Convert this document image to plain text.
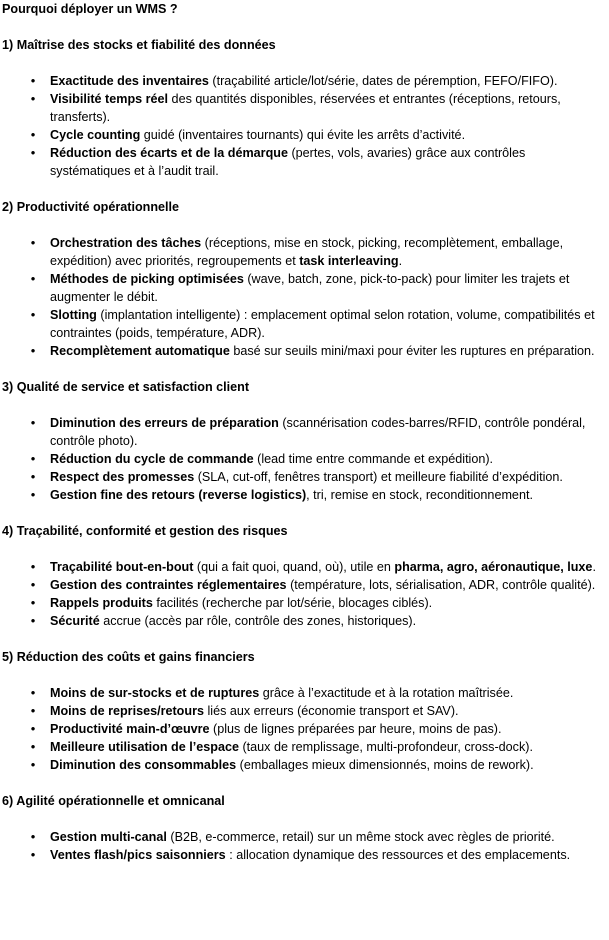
Pourquoi déployer un WMS ?
1) Maîtrise des stocks et fiabilité des données
• Exactitude des inventaires (traçabilité article/lot/série, dates de péremption, FEFO/FIFO).
• Visibilité temps réel des quantités disponibles, réservées et entrantes (réceptions, retours, transferts).
• Cycle counting guidé (inventaires tournants) qui évite les arrêts d’activité.
• Réduction des écarts et de la démarque (pertes, vols, avaries) grâce aux contrôles systématiques et à l’audit trail.
2) Productivité opérationnelle
• Orchestration des tâches (réceptions, mise en stock, picking, recomplètement, emballage, expédition) avec priorités, regroupements et task interleaving.
• Méthodes de picking optimisées (wave, batch, zone, pick-to-pack) pour limiter les trajets et augmenter le débit.
• Slotting (implantation intelligente) : emplacement optimal selon rotation, volume, compatibilités et contraintes (poids, température, ADR).
• Recomplètement automatique basé sur seuils mini/maxi pour éviter les ruptures en préparation.
3) Qualité de service et satisfaction client
• Diminution des erreurs de préparation (scannérisation codes-barres/RFID, contrôle pondéral, contrôle photo).
• Réduction du cycle de commande (lead time entre commande et expédition).
• Respect des promesses (SLA, cut-off, fenêtres transport) et meilleure fiabilité d’expédition.
• Gestion fine des retours (reverse logistics), tri, remise en stock, reconditionnement.
4) Traçabilité, conformité et gestion des risques
• Traçabilité bout-en-bout (qui a fait quoi, quand, où), utile en pharma, agro, aéronautique, luxe.
• Gestion des contraintes réglementaires (température, lots, sérialisation, ADR, contrôle qualité).
• Rappels produits facilités (recherche par lot/série, blocages ciblés).
• Sécurité accrue (accès par rôle, contrôle des zones, historiques).
5) Réduction des coûts et gains financiers
• Moins de sur-stocks et de ruptures grâce à l’exactitude et à la rotation maîtrisée.
• Moins de reprises/retours liés aux erreurs (économie transport et SAV).
• Productivité main-d’œuvre (plus de lignes préparées par heure, moins de pas).
• Meilleure utilisation de l’espace (taux de remplissage, multi-profondeur, cross-dock).
• Diminution des consommables (emballages mieux dimensionnés, moins de rework).
6) Agilité opérationnelle et omnicanal
• Gestion multi-canal (B2B, e-commerce, retail) sur un même stock avec règles de priorité.
• Ventes flash/pics saisonniers : allocation dynamique des ressources et des emplacements.
